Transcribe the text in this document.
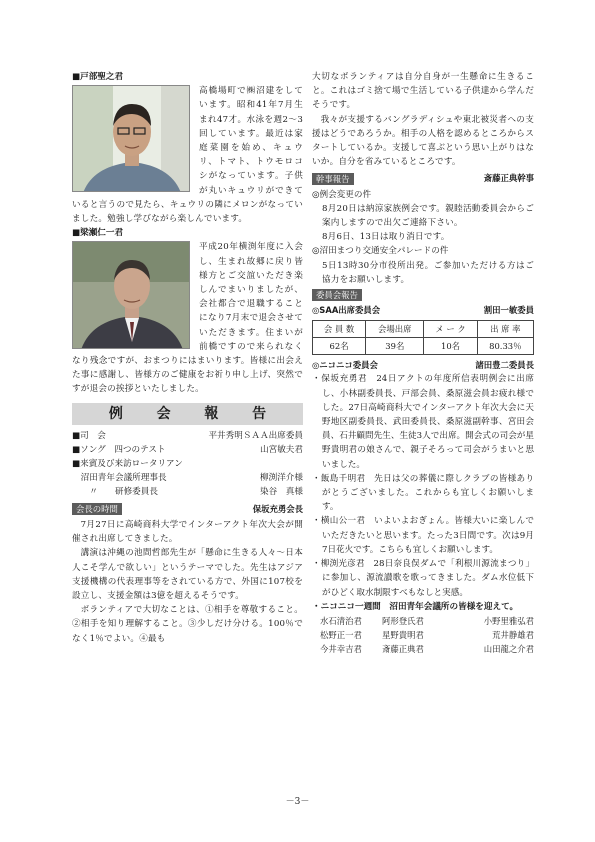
■戸部聖之君

高橋場町で㈱沼建をしています。昭和41年7月生まれ47才。水泳を週2～3回しています。最近は家庭菜園を始め、キュウリ、トマト、トウモロコシがなっています。子供が丸いキュウリができていると言うので見たら、キュウリの隣にメロンがなっていました。勉強し学びながら楽しんでいます。

■梁瀬仁一君

平成20年横渕年度に入会し、生まれ故郷に戻り皆様方とご交誼いただき楽しんでまいりましたが、会社都合で退職することになり7月末で退会させていただきます。住まいが前橋ですので来られなくなり残念ですが、おまつりにはまいります。皆様に出会えた事に感謝し、皆様方のご健康をお祈り申し上げ、突然ですが退会の挨拶といたしました。

例 会 報 告
■司　会	平井秀明ＳＡＡ出席委員
■ソング　四つのテスト	山宮敏夫君
■来賓及び来訪ロータリアン
　沼田青年会議所理事長	柳渕洋介様
　　〃　　研修委員長	染谷　真様
会長の時間	保坂充勇会長

7月27日に高崎商科大学でインターアクト年次大会が開催され出席してきました。

講演は沖縄の池間哲郎先生が「懸命に生きる人々～日本人こそ学んで欲しい」というテーマでした。先生はアジア支援機構の代表理事等をされている方で、外国に107校を設立し、支援金額は3億を超えるそうです。

ボランティアで大切なことは、①相手を尊敬すること。②相手を知り理解すること。③少しだけ分ける。100％でなく1％でよい。④最も

大切なボランティアは自分自身が一生懸命に生きること。これはゴミ捨て場で生活している子供達から学んだそうです。

我々が支援するバングラディシュや東北被災者への支援はどうであろうか。相手の人格を認めるところからスタートしているか。支援して喜ぶという思い上がりはないか。自分を省みているところです。

幹事報告	斎藤正典幹事

◎例会変更の件

8月20日は納涼家族例会です。親睦活動委員会からご案内しますので出欠ご連絡下さい。

8月6日、13日は取り消日です。

◎沼田まつり交通安全パレードの件

5日13時30分市役所出発。ご参加いただける方はご協力をお願いします。

委員会報告
◎SAA出席委員会	割田一敏委員
会 員 数	会場出席	メ ー ク	出 席 率
62名	39名	10名	80.33％
◎ニコニコ委員会	諸田豊二委員長

・保坂充勇君　24日アクトの年度所信表明例会に出席し、小林副委員長、戸部会員、桑原滋会員お疲れ様でした。27日高崎商科大でインターアクト年次大会に天野地区副委員長、武田委員長、桑原滋副幹事、宮田会員、石井顧問先生、生徒3人で出席。開会式の司会が星野貴明君の娘さんで、親子そろって司会がうまいと思いました。

・飯島千明君　先日は父の葬儀に際しクラブの皆様ありがとうございました。これからも宜しくお願いします。

・横山公一君　いよいよおぎょん。皆様大いに楽しんでいただきたいと思います。たった3日間です。次は9月7日花火です。こちらも宜しくお願いします。

・柳渕光彦君　28日奈良俣ダムで「利根川源流まつり」に参加し、源流讃歌を歌ってきました。ダム水位低下がひどく取水制限すべもなしと実感。

・ニコニコ一週間　沼田青年会議所の皆様を迎えて。

水石清治君	阿形登氏君	小野里雅弘君
松野正一君	星野貴明君	荒井静雄君
今井幸吉君	斎藤正典君	山田龍之介君
－3－
